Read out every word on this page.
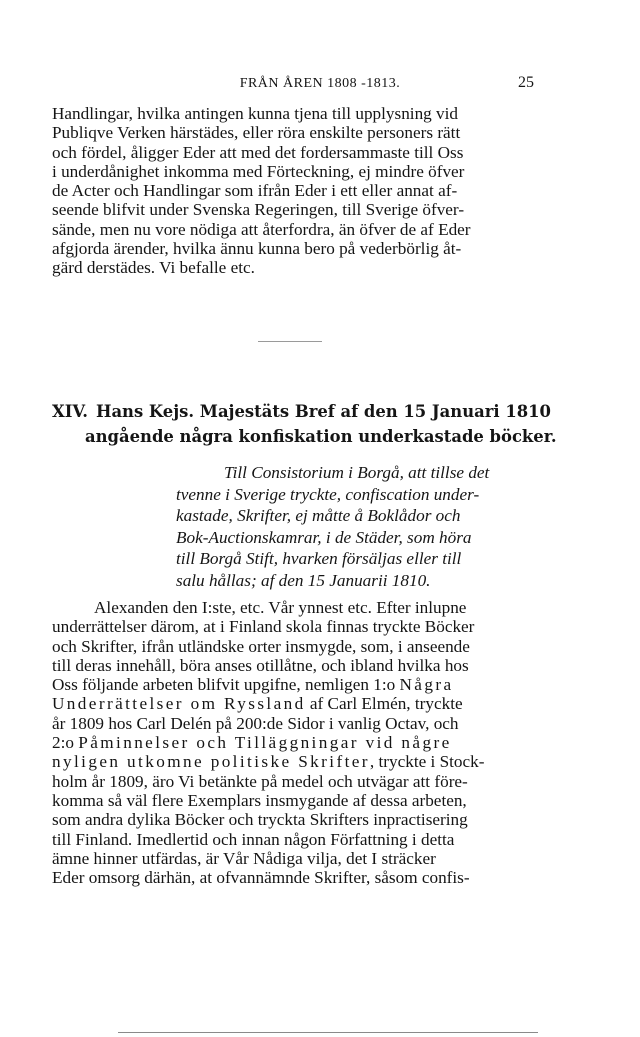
FRÅN ÅREN 1808 -1813.	25
Handlingar, hvilka antingen kunna tjena till upplysning vid
Publiqve Verken härstädes, eller röra enskilte personers rätt
och fördel, åligger Eder att med det fordersammaste till Oss
i underdånighet inkomma med Förteckning, ej mindre öfver
de Acter och Handlingar som ifrån Eder i ett eller annat af-
seende blifvit under Svenska Regeringen, till Sverige öfver-
sände, men nu vore nödiga att återfordra, än öfver de af Eder
afgjorda ärender, hvilka ännu kunna bero på vederbörlig åt-
gärd derstädes. Vi befalle etc.
XIV. Hans Kejs. Majestäts Bref af den 15 Januari 1810
angående några konfiskation underkastade böcker.
Till Consistorium i Borgå, att tillse det
tvenne i Sverige tryckte, confiscation under-
kastade, Skrifter, ej måtte å Boklådor och
Bok-Auctionskamrar, i de Städer, som höra
till Borgå Stift, hvarken försäljas eller till
salu hållas; af den 15 Januarii 1810.
Alexanden den I:ste, etc. Vår ynnest etc. Efter inlupne
underrättelser därom, at i Finland skola finnas tryckte Böcker
och Skrifter, ifrån utländske orter insmygde, som, i anseende
till deras innehåll, böra anses otillåtne, och ibland hvilka hos
Oss följande arbeten blifvit upgifne, nemligen 1:o Några
Underrättelser om Ryssland af Carl Elmén, tryckte
år 1809 hos Carl Delén på 200:de Sidor i vanlig Octav, och
2:o Påminnelser och Tilläggningar vid någre
nyligen utkomne politiske Skrifter, tryckte i Stock-
holm år 1809, äro Vi betänkte på medel och utvägar att före-
komma så väl flere Exemplars insmygande af dessa arbeten,
som andra dylika Böcker och tryckta Skrifters inpractisering
till Finland. Imedlertid och innan någon Författning i detta
ämne hinner utfärdas, är Vår Nådiga vilja, det I sträcker
Eder omsorg därhän, at ofvannämnde Skrifter, såsom confis-
